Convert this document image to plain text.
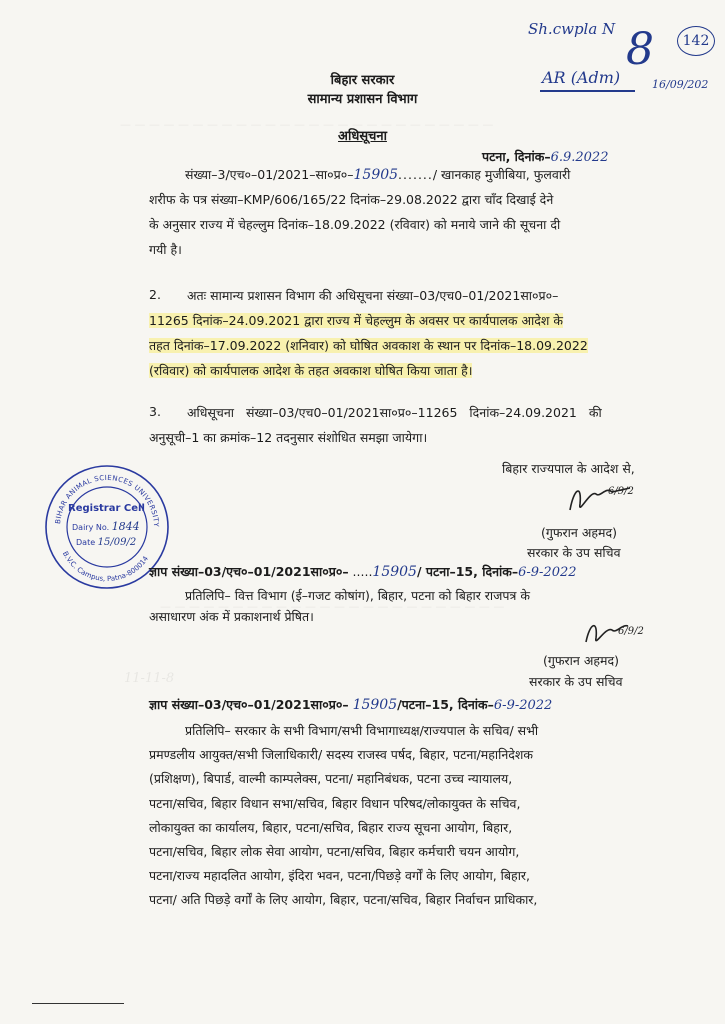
— — — — — — — — — — — — — — — — — — — — — — — — — —
— — — — — — — — — — — — — — — — — — — — — — — —
Sh.cwpla N
142
8
AR (Adm)	16/09/202
बिहार सरकार
सामान्य प्रशासन विभाग
अधिसूचना
पटना, दिनांक–6.9.2022
संख्या–3/एच०–01/2021–सा०प्र०–15905......./ खानकाह मुजीबिया, फुलवारी
शरीफ के पत्र संख्या–KMP/606/165/22 दिनांक–29.08.2022 द्वारा चाँद दिखाई देने
के अनुसार राज्य में चेहल्लुम दिनांक–18.09.2022 (रविवार) को मनाये जाने की सूचना दी
गयी है।
2. अतः सामान्य प्रशासन विभाग की अधिसूचना संख्या–03/एच0–01/2021सा०प्र०–
11265 दिनांक–24.09.2021 द्वारा राज्य में चेहल्लुम के अवसर पर कार्यपालक आदेश के
तहत दिनांक–17.09.2022 (शनिवार) को घोषित अवकाश के स्थान पर दिनांक–18.09.2022
(रविवार) को कार्यपालक आदेश के तहत अवकाश घोषित किया जाता है।
3. अधिसूचना संख्या–03/एच0–01/2021सा०प्र०–11265 दिनांक–24.09.2021 की
अनुसूची–1 का क्रमांक–12 तदनुसार संशोधित समझा जायेगा।
बिहार राज्यपाल के आदेश से,
6/9/2
(गुफरान अहमद)
सरकार के उप सचिव
BIHAR ANIMAL SCIENCES UNIVERSITY
B.V.C. Campus, Patna-800014
Registrar Cell
Dairy No. 1844
Date 15/09/2
ज्ञाप संख्या–03/एच०–01/2021सा०प्र०– .....15905/ पटना–15, दिनांक–6-9-2022
प्रतिलिपि– वित्त विभाग (ई–गजट कोषांग), बिहार, पटना को बिहार राजपत्र के
असाधारण अंक में प्रकाशनार्थ प्रेषित।
6/9/2
(गुफरान अहमद)
सरकार के उप सचिव
11-11-8
ज्ञाप संख्या–03/एच०–01/2021सा०प्र०– 15905/पटना–15, दिनांक–6-9-2022
प्रतिलिपि– सरकार के सभी विभाग/सभी विभागाध्यक्ष/राज्यपाल के सचिव/ सभी
प्रमण्डलीय आयुक्त/सभी जिलाधिकारी/ सदस्य राजस्व पर्षद, बिहार, पटना/महानिदेशक
(प्रशिक्षण), बिपार्ड, वाल्मी काम्पलेक्स, पटना/ महानिबंधक, पटना उच्च न्यायालय,
पटना/सचिव, बिहार विधान सभा/सचिव, बिहार विधान परिषद/लोकायुक्त के सचिव,
लोकायुक्त का कार्यालय, बिहार, पटना/सचिव, बिहार राज्य सूचना आयोग, बिहार,
पटना/सचिव, बिहार लोक सेवा आयोग, पटना/सचिव, बिहार कर्मचारी चयन आयोग,
पटना/राज्य महादलित आयोग, इंदिरा भवन, पटना/पिछड़े वर्गों के लिए आयोग, बिहार,
पटना/ अति पिछड़े वर्गों के लिए आयोग, बिहार, पटना/सचिव, बिहार निर्वाचन प्राधिकार,
